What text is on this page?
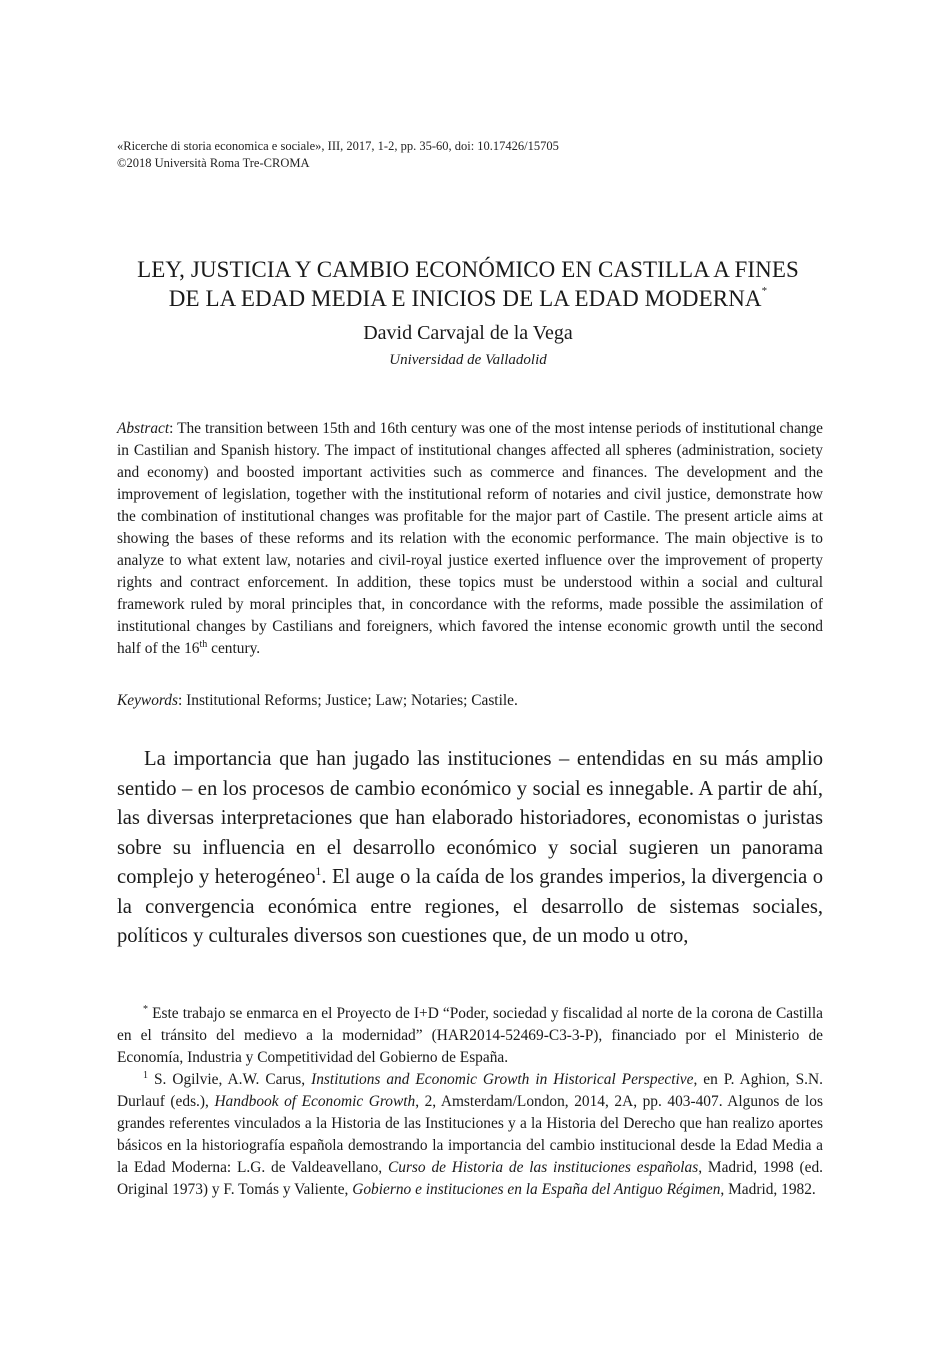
«Ricerche di storia economica e sociale», III, 2017, 1-2, pp. 35-60, doi: 10.17426/15705
©2018 Università Roma Tre-CROMA
LEY, JUSTICIA Y CAMBIO ECONÓMICO EN CASTILLA A FINES
DE LA EDAD MEDIA E INICIOS DE LA EDAD MODERNA*
David Carvajal de la Vega
Universidad de Valladolid

Abstract: The transition between 15th and 16th century was one of the most intense periods of institutional change in Castilian and Spanish history. The impact of institutional changes affected all spheres (administration, society and economy) and boosted important activities such as commerce and finances. The development and the improvement of legislation, together with the institutional reform of notaries and civil justice, demonstrate how the combination of institutional changes was profitable for the major part of Castile. The present article aims at showing the bases of these reforms and its relation with the economic performance. The main objective is to analyze to what extent law, notaries and civil-royal justice exerted influence over the improvement of property rights and contract enforcement. In addition, these topics must be understood within a social and cultural framework ruled by moral principles that, in concordance with the reforms, made possible the assimilation of institutional changes by Castilians and foreigners, which favored the intense economic growth until the second half of the 16th century.

Keywords: Institutional Reforms; Justice; Law; Notaries; Castile.

La importancia que han jugado las instituciones – entendidas en su más amplio sentido – en los procesos de cambio económico y social es innegable. A partir de ahí, las diversas interpretaciones que han elaborado historiadores, economistas o juristas sobre su influencia en el desarrollo económico y social sugieren un panorama complejo y heterogéneo$^1$. El auge o la caída de los grandes imperios, la divergencia o la convergencia económica entre regiones, el desarrollo de sistemas sociales, políticos y culturales diversos son cuestiones que, de un modo u otro,

* Este trabajo se enmarca en el Proyecto de I+D “Poder, sociedad y fiscalidad al norte de la corona de Castilla en el tránsito del medievo a la modernidad” (HAR2014-52469-C3-3-P), financiado por el Ministerio de Economía, Industria y Competitividad del Gobierno de España.

$^1$ S. Ogilvie, A.W. Carus, Institutions and Economic Growth in Historical Perspective, en P. Aghion, S.N. Durlauf (eds.), Handbook of Economic Growth, 2, Amsterdam/London, 2014, 2A, pp. 403-407. Algunos de los grandes referentes vinculados a la Historia de las Instituciones y a la Historia del Derecho que han realizo aportes básicos en la historiografía española demostrando la importancia del cambio institucional desde la Edad Media a la Edad Moderna: L.G. de Valdeavellano, Curso de Historia de las instituciones españolas, Madrid, 1998 (ed. Original 1973) y F. Tomás y Valiente, Gobierno e instituciones en la España del Antiguo Régimen, Madrid, 1982.
